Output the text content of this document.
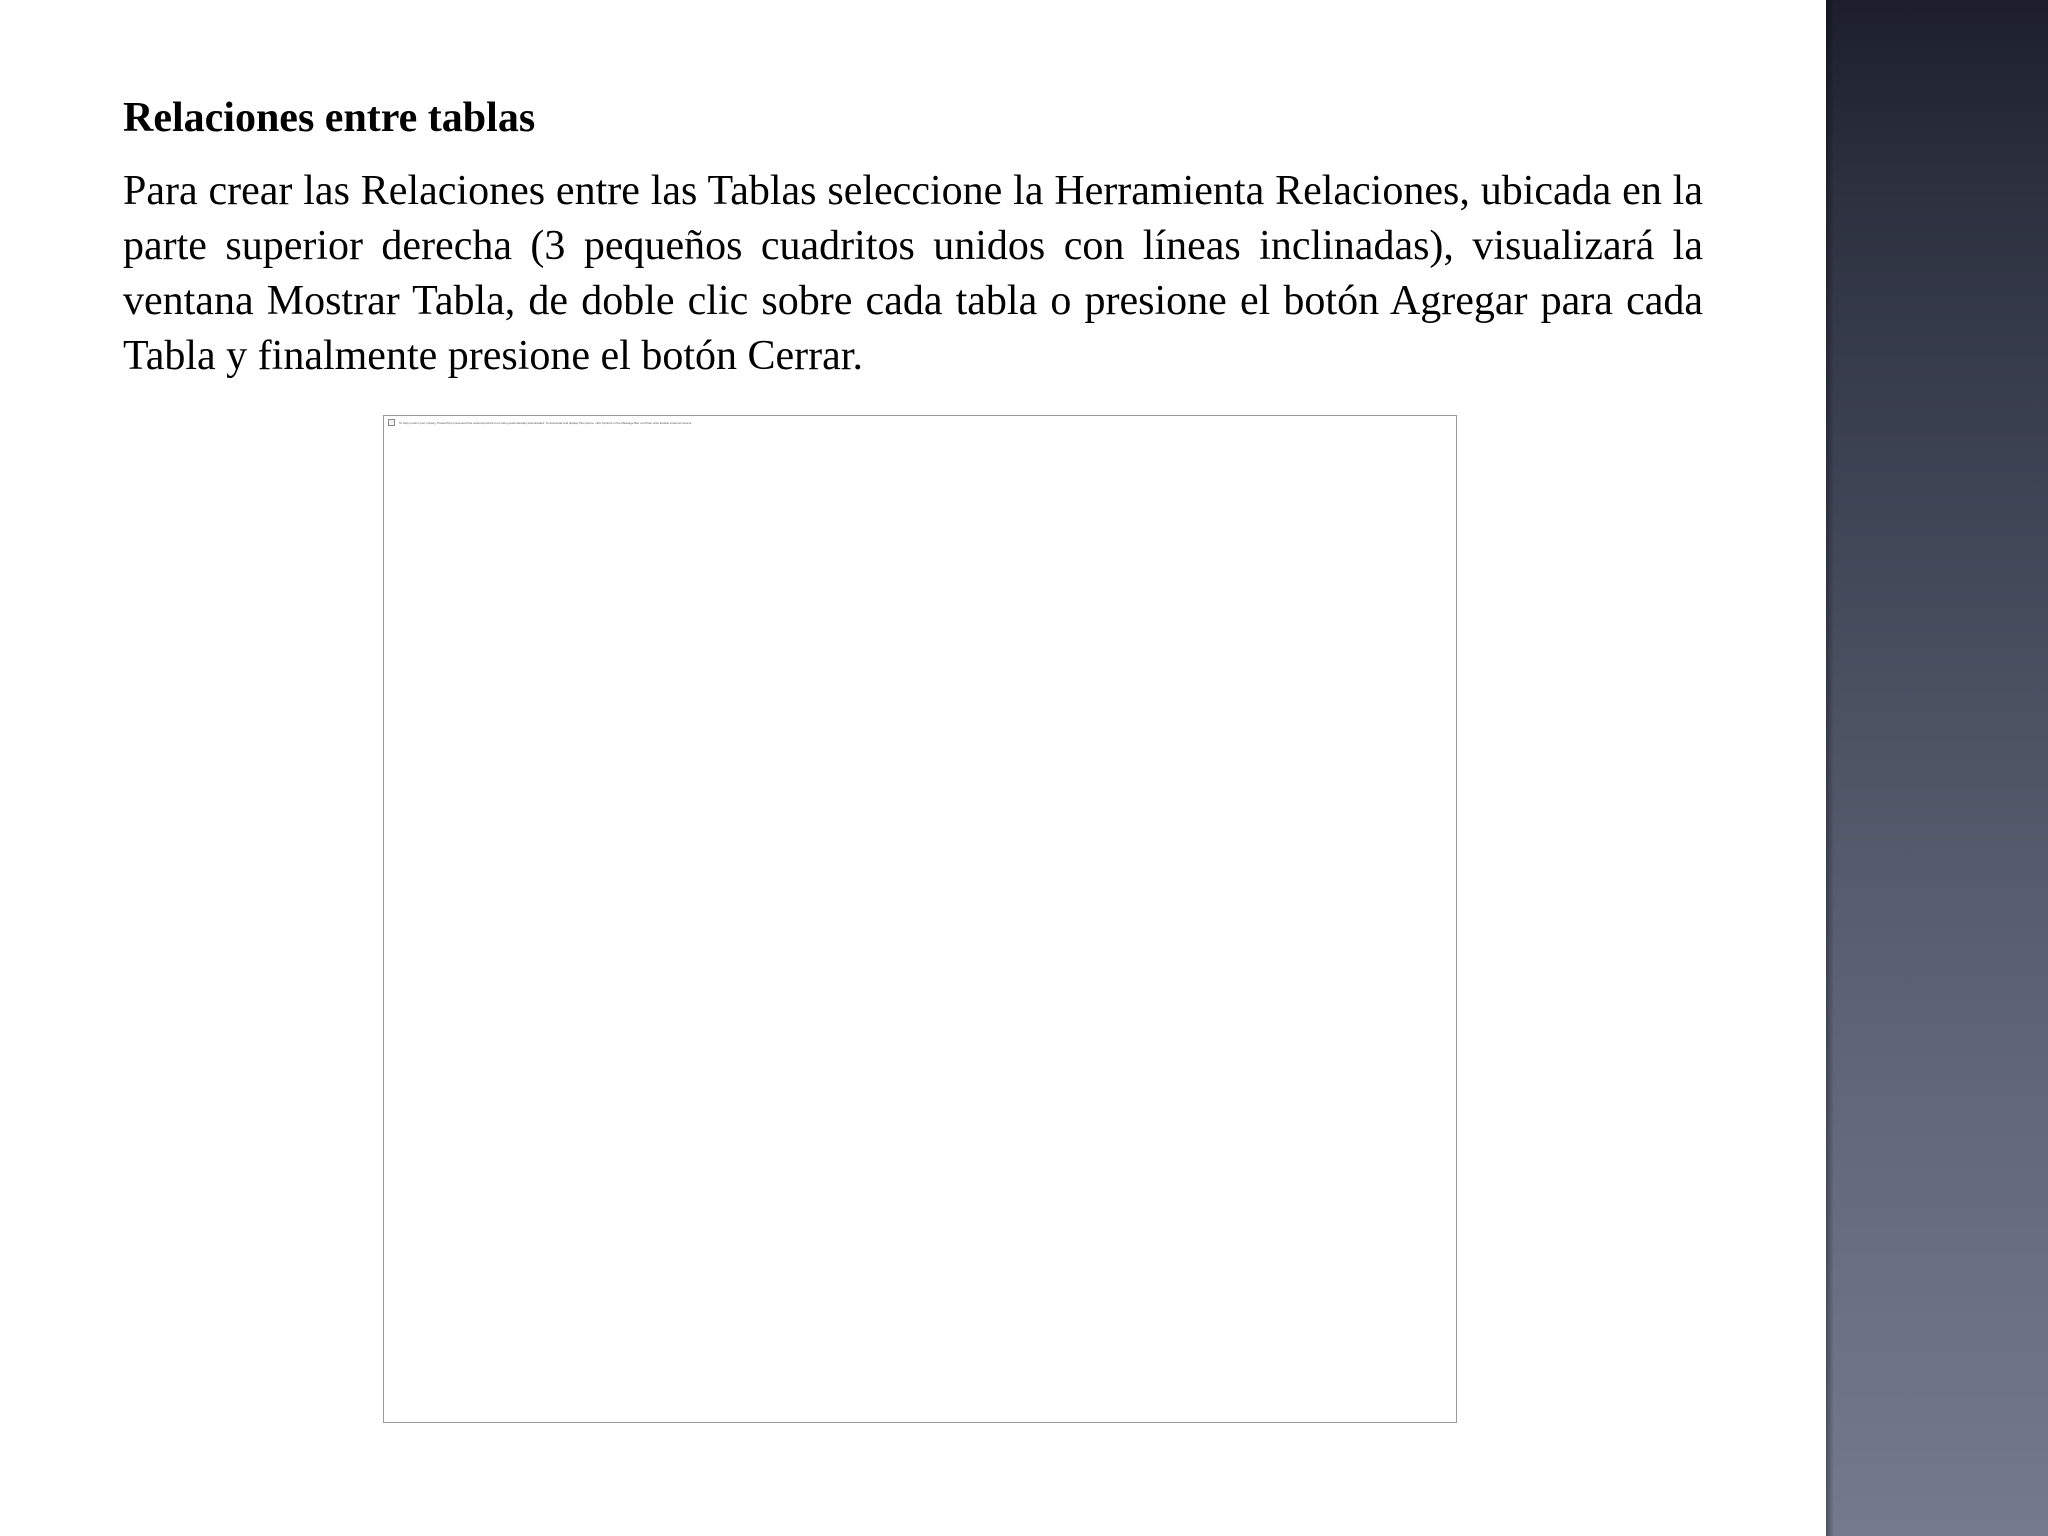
Relaciones entre tablas

Para crear las Relaciones entre las Tablas seleccione la Herramienta Relaciones, ubicada en la parte superior derecha (3 pequeños cuadritos unidos con líneas inclinadas), visualizará la ventana Mostrar Tabla, de doble clic sobre cada tabla o presione el botón Agregar para cada Tabla y finalmente presione el botón Cerrar.

To help protect your privacy, PowerPoint prevented this external picture from being automatically downloaded. To download and display this picture, click Options in the Message Bar, and then click Enable external content.
